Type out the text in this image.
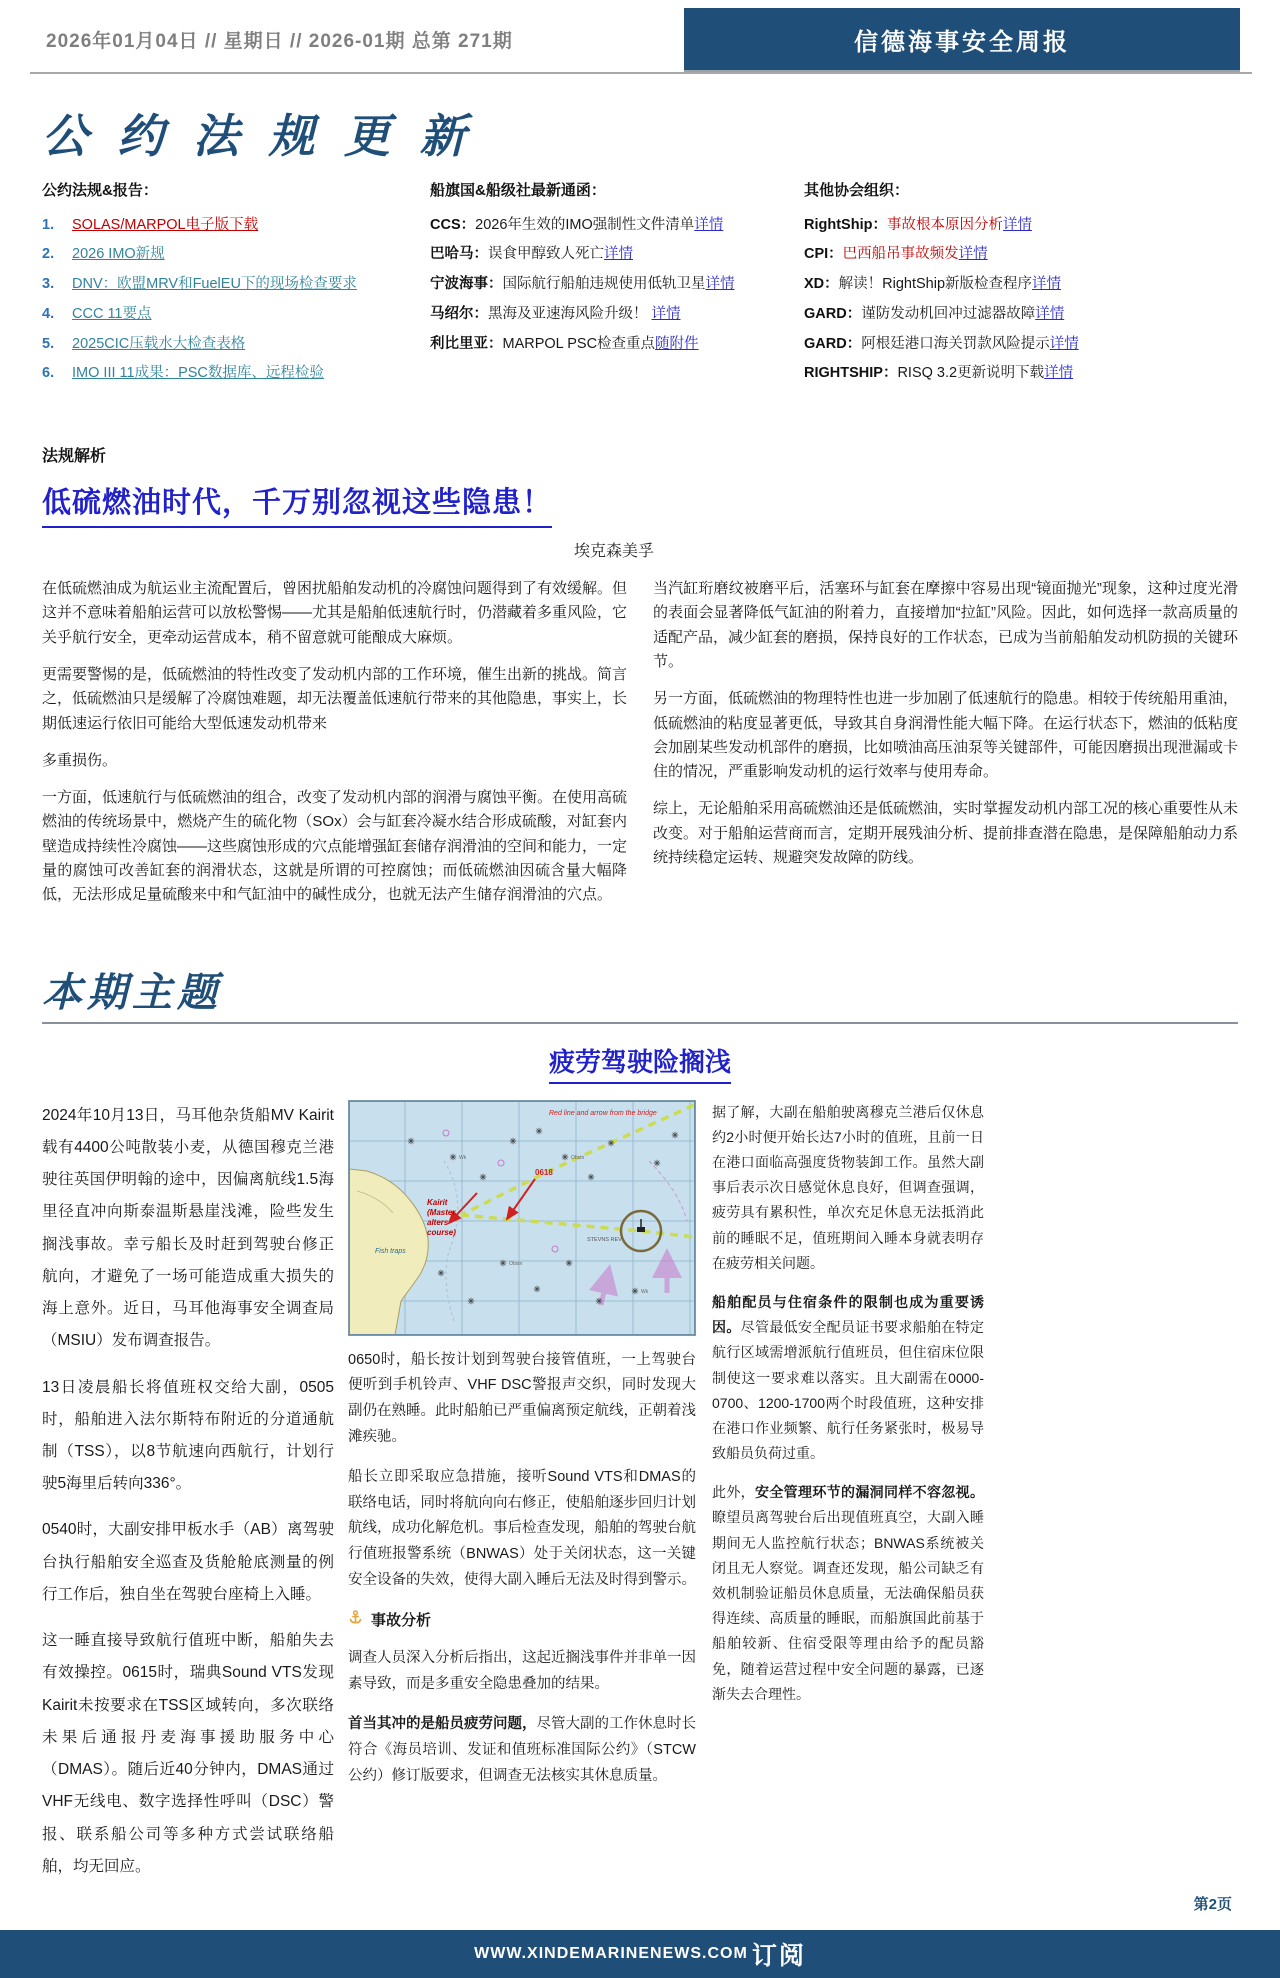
2026年01月04日 // 星期日 // 2026-01期 总第 271期	信德海事安全周报
公 约 法 规 更 新
公约法规&报告：
1.	SOLAS/MARPOL电子版下载
2.	2026 IMO新规
3.	DNV：欧盟MRV和FuelEU下的现场检查要求
4.	CCC 11要点
5.	2025CIC压载水大检查表格
6.	IMO III 11成果：PSC数据库、远程检验
船旗国&船级社最新通函：
CCS：2026年生效的IMO强制性文件清单详情
巴哈马：误食甲醇致人死亡详情
宁波海事：国际航行船舶违规使用低轨卫星详情
马绍尔：黑海及亚速海风险升级！ 详情
利比里亚：MARPOL PSC检查重点随附件
其他协会组织：
RightShip：事故根本原因分析详情
CPI：巴西船吊事故频发详情
XD：解读！RightShip新版检查程序详情
GARD：谨防发动机回冲过滤器故障详情
GARD：阿根廷港口海关罚款风险提示详情
RIGHTSHIP：RISQ 3.2更新说明下载详情
法规解析
低硫燃油时代，千万别忽视这些隐患！
埃克森美孚

在低硫燃油成为航运业主流配置后，曾困扰船舶发动机的冷腐蚀问题得到了有效缓解。但这并不意味着船舶运营可以放松警惕——尤其是船舶低速航行时，仍潜藏着多重风险，它关乎航行安全，更牵动运营成本，稍不留意就可能酿成大麻烦。

更需要警惕的是，低硫燃油的特性改变了发动机内部的工作环境，催生出新的挑战。简言之，低硫燃油只是缓解了冷腐蚀难题，却无法覆盖低速航行带来的其他隐患，事实上，长期低速运行依旧可能给大型低速发动机带来

多重损伤。

一方面，低速航行与低硫燃油的组合，改变了发动机内部的润滑与腐蚀平衡。在使用高硫燃油的传统场景中，燃烧产生的硫化物（SOx）会与缸套冷凝水结合形成硫酸，对缸套内壁造成持续性冷腐蚀——这些腐蚀形成的穴点能增强缸套储存润滑油的空间和能力，一定量的腐蚀可改善缸套的润滑状态，这就是所谓的可控腐蚀；而低硫燃油因硫含量大幅降低，无法形成足量硫酸来中和气缸油中的碱性成分，也就无法产生储存润滑油的穴点。

当汽缸珩磨纹被磨平后，活塞环与缸套在摩擦中容易出现“镜面抛光”现象，这种过度光滑的表面会显著降低气缸油的附着力，直接增加“拉缸”风险。因此，如何选择一款高质量的适配产品，减少缸套的磨损，保持良好的工作状态，已成为当前船舶发动机防损的关键环节。

另一方面，低硫燃油的物理特性也进一步加剧了低速航行的隐患。相较于传统船用重油，低硫燃油的粘度显著更低，导致其自身润滑性能大幅下降。在运行状态下，燃油的低粘度会加剧某些发动机部件的磨损，比如喷油高压油泵等关键部件，可能因磨损出现泄漏或卡住的情况，严重影响发动机的运行效率与使用寿命。

综上，无论船舶采用高硫燃油还是低硫燃油，实时掌握发动机内部工况的核心重要性从未改变。对于船舶运营商而言，定期开展残油分析、提前排查潜在隐患，是保障船舶动力系统持续稳定运转、规避突发故障的防线。

本期主题
疲劳驾驶险搁浅

2024年10月13日，马耳他杂货船MV Kairit 载有4400公吨散装小麦，从德国穆克兰港驶往英国伊明翰的途中，因偏离航线1.5海里径直冲向斯泰温斯悬崖浅滩，险些发生搁浅事故。幸亏船长及时赶到驾驶台修正航向，才避免了一场可能造成重大损失的海上意外。近日，马耳他海事安全调查局（MSIU）发布调查报告。

13日凌晨船长将值班权交给大副，0505时，船舶进入法尔斯特布附近的分道通航制（TSS），以8节航速向西航行，计划行驶5海里后转向336°。

0540时，大副安排甲板水手（AB）离驾驶台执行船舶安全巡查及货舱舱底测量的例行工作后，独自坐在驾驶台座椅上入睡。

这一睡直接导致航行值班中断，船舶失去有效操控。0615时，瑞典Sound VTS发现Kairit未按要求在TSS区域转向，多次联络未果后通报丹麦海事援助服务中心（DMAS）。随后近40分钟内，DMAS通过VHF无线电、数字选择性呼叫（DSC）警报、联系船公司等多种方式尝试联络船舶，均无回应。

Wk	Obstn
Obstn
Wk
Red line and arrow from the bridge
0618
Kairit
(Master
alters
course)
Fish traps
STEVNS REV

0650时，船长按计划到驾驶台接管值班，一上驾驶台便听到手机铃声、VHF DSC警报声交织，同时发现大副仍在熟睡。此时船舶已严重偏离预定航线，正朝着浅滩疾驰。

船长立即采取应急措施，接听Sound VTS和DMAS的联络电话，同时将航向向右修正，使船舶逐步回归计划航线，成功化解危机。事后检查发现，船舶的驾驶台航行值班报警系统（BNWAS）处于关闭状态，这一关键安全设备的失效，使得大副入睡后无法及时得到警示。

事故分析

调查人员深入分析后指出，这起近搁浅事件并非单一因素导致，而是多重安全隐患叠加的结果。

首当其冲的是船员疲劳问题，尽管大副的工作休息时长符合《海员培训、发证和值班标准国际公约》（STCW公约）修订版要求，但调查无法核实其休息质量。

据了解，大副在船舶驶离穆克兰港后仅休息约2小时便开始长达7小时的值班，且前一日在港口面临高强度货物装卸工作。虽然大副事后表示次日感觉休息良好，但调查强调，疲劳具有累积性，单次充足休息无法抵消此前的睡眠不足，值班期间入睡本身就表明存在疲劳相关问题。

船舶配员与住宿条件的限制也成为重要诱因。尽管最低安全配员证书要求船舶在特定航行区域需增派航行值班员，但住宿床位限制使这一要求难以落实。且大副需在0000-0700、1200-1700两个时段值班，这种安排在港口作业频繁、航行任务紧张时，极易导致船员负荷过重。

此外，安全管理环节的漏洞同样不容忽视。瞭望员离驾驶台后出现值班真空，大副入睡期间无人监控航行状态；BNWAS系统被关闭且无人察觉。调查还发现，船公司缺乏有效机制验证船员休息质量，无法确保船员获得连续、高质量的睡眠，而船旗国此前基于船舶较新、住宿受限等理由给予的配员豁免，随着运营过程中安全问题的暴露，已逐渐失去合理性。

第2页
WWW.XINDEMARINENEWS.COM 订阅
